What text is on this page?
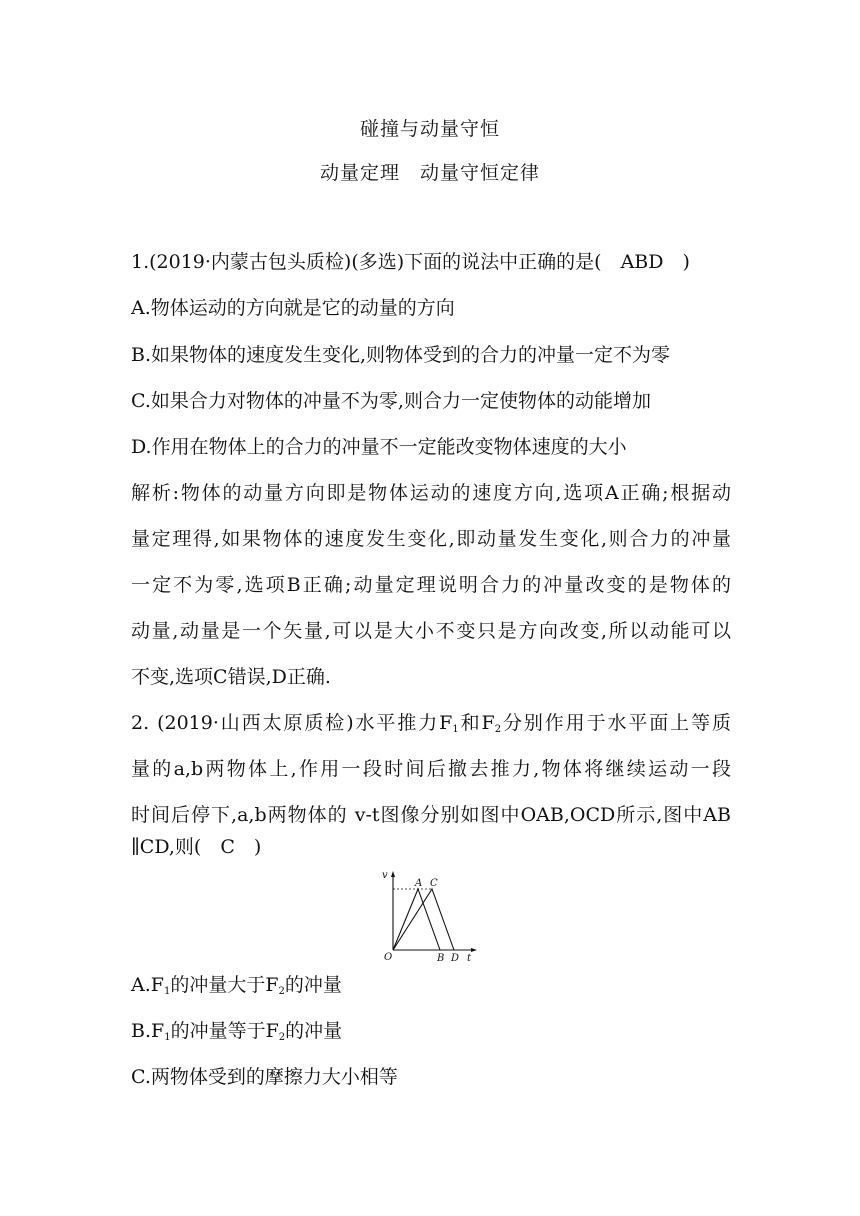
碰撞与动量守恒
动量定理　动量守恒定律
1.(2019·内蒙古包头质检)(多选)下面的说法中正确的是(　ABD　)
A.物体运动的方向就是它的动量的方向
B.如果物体的速度发生变化,则物体受到的合力的冲量一定不为零
C.如果合力对物体的冲量不为零,则合力一定使物体的动能增加
D.作用在物体上的合力的冲量不一定能改变物体速度的大小
解析:物体的动量方向即是物体运动的速度方向,选项A正确;根据动
量定理得,如果物体的速度发生变化,即动量发生变化,则合力的冲量
一定不为零,选项B正确;动量定理说明合力的冲量改变的是物体的
动量,动量是一个矢量,可以是大小不变只是方向改变,所以动能可以
不变,选项C错误,D正确.
2. (2019·山西太原质检)水平推力$F_1$和$F_2$分别作用于水平面上等质
量的a,b两物体上,作用一段时间后撤去推力,物体将继续运动一段
时间后停下,a,b两物体的 v-t图像分别如图中OAB,OCD所示,图中AB
∥CD,则(　C　)
v
t
O
A C
B D
$A.F_1$的冲量大于$F_2$的冲量
$B.F_1$的冲量等于$F_2$的冲量
C.两物体受到的摩擦力大小相等
